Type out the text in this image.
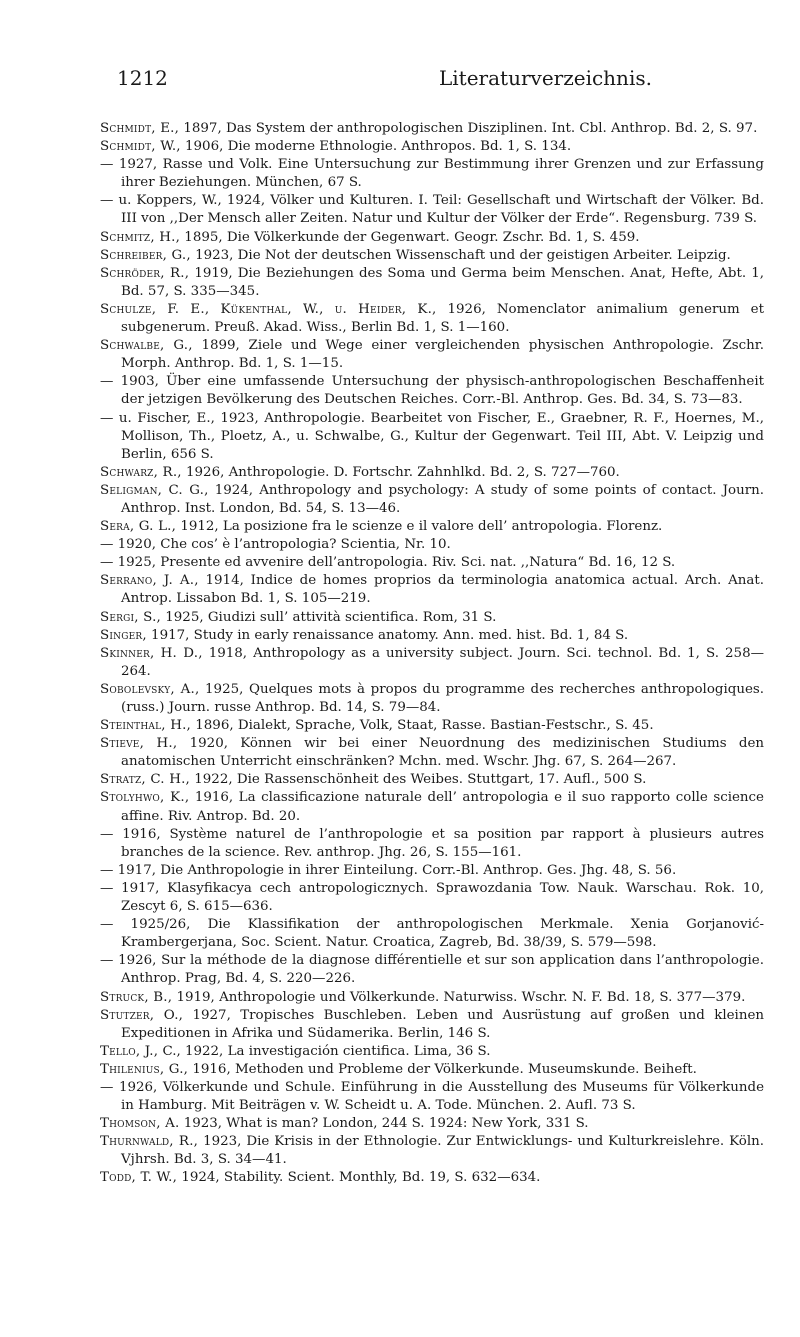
1212	Literaturverzeichnis.

Schmidt, E., 1897, Das System der anthropologischen Disziplinen. Int. Cbl. Anthrop. Bd. 2, S. 97.

Schmidt, W., 1906, Die moderne Ethnologie. Anthropos. Bd. 1, S. 134.

— 1927, Rasse und Volk. Eine Untersuchung zur Bestimmung ihrer Grenzen und zur Erfassung ihrer Beziehungen. München, 67 S.

— u. Koppers, W., 1924, Völker und Kulturen. I. Teil: Gesellschaft und Wirtschaft der Völker. Bd. III von ,,Der Mensch aller Zeiten. Natur und Kultur der Völker der Erde“. Regensburg. 739 S.

Schmitz, H., 1895, Die Völkerkunde der Gegenwart. Geogr. Zschr. Bd. 1, S. 459.

Schreiber, G., 1923, Die Not der deutschen Wissenschaft und der geistigen Arbeiter. Leipzig.

Schröder, R., 1919, Die Beziehungen des Soma und Germa beim Menschen. Anat, Hefte, Abt. 1, Bd. 57, S. 335—345.

Schulze, F. E., Kükenthal, W., u. Heider, K., 1926, Nomenclator animalium generum et subgenerum. Preuß. Akad. Wiss., Berlin Bd. 1, S. 1—160.

Schwalbe, G., 1899, Ziele und Wege einer vergleichenden physischen Anthropologie. Zschr. Morph. Anthrop. Bd. 1, S. 1—15.

— 1903, Über eine umfassende Untersuchung der physisch-anthropologischen Beschaffenheit der jetzigen Bevölkerung des Deutschen Reiches. Corr.-Bl. Anthrop. Ges. Bd. 34, S. 73—83.

— u. Fischer, E., 1923, Anthropologie. Bearbeitet von Fischer, E., Graebner, R. F., Hoernes, M., Mollison, Th., Ploetz, A., u. Schwalbe, G., Kultur der Gegenwart. Teil III, Abt. V. Leipzig und Berlin, 656 S.

Schwarz, R., 1926, Anthropologie. D. Fortschr. Zahnhlkd. Bd. 2, S. 727—760.

Seligman, C. G., 1924, Anthropology and psychology: A study of some points of contact. Journ. Anthrop. Inst. London, Bd. 54, S. 13—46.

Sera, G. L., 1912, La posizione fra le scienze e il valore dell’ antropologia. Florenz.

— 1920, Che cos’ è l’antropologia? Scientia, Nr. 10.

— 1925, Presente ed avvenire dell’antropologia. Riv. Sci. nat. ,,Natura“ Bd. 16, 12 S.

Serrano, J. A., 1914, Indice de homes proprios da terminologia anatomica actual. Arch. Anat. Antrop. Lissabon Bd. 1, S. 105—219.

Sergi, S., 1925, Giudizi sull’ attività scientifica. Rom, 31 S.

Singer, 1917, Study in early renaissance anatomy. Ann. med. hist. Bd. 1, 84 S.

Skinner, H. D., 1918, Anthropology as a university subject. Journ. Sci. technol. Bd. 1, S. 258—264.

Sobolevsky, A., 1925, Quelques mots à propos du programme des recherches anthropologiques. (russ.) Journ. russe Anthrop. Bd. 14, S. 79—84.

Steinthal, H., 1896, Dialekt, Sprache, Volk, Staat, Rasse. Bastian-Festschr., S. 45.

Stieve, H., 1920, Können wir bei einer Neuordnung des medizinischen Studiums den anatomischen Unterricht einschränken? Mchn. med. Wschr. Jhg. 67, S. 264—267.

Stratz, C. H., 1922, Die Rassenschönheit des Weibes. Stuttgart, 17. Aufl., 500 S.

Stolyhwo, K., 1916, La classificazione naturale dell’ antropologia e il suo rapporto colle science affine. Riv. Antrop. Bd. 20.

— 1916, Système naturel de l’anthropologie et sa position par rapport à plusieurs autres branches de la science. Rev. anthrop. Jhg. 26, S. 155—161.

— 1917, Die Anthropologie in ihrer Einteilung. Corr.-Bl. Anthrop. Ges. Jhg. 48, S. 56.

— 1917, Klasyfikacya cech antropologicznych. Sprawozdania Tow. Nauk. Warschau. Rok. 10, Zescyt 6, S. 615—636.

— 1925/26, Die Klassifikation der anthropologischen Merkmale. Xenia Gorjanović-Krambergerjana, Soc. Scient. Natur. Croatica, Zagreb, Bd. 38/39, S. 579—598.

— 1926, Sur la méthode de la diagnose différentielle et sur son application dans l’anthropologie. Anthrop. Prag, Bd. 4, S. 220—226.

Struck, B., 1919, Anthropologie und Völkerkunde. Naturwiss. Wschr. N. F. Bd. 18, S. 377—379.

Stutzer, O., 1927, Tropisches Buschleben. Leben und Ausrüstung auf großen und kleinen Expeditionen in Afrika und Südamerika. Berlin, 146 S.

Tello, J., C., 1922, La investigación cientifica. Lima, 36 S.

Thilenius, G., 1916, Methoden und Probleme der Völkerkunde. Museumskunde. Beiheft.

— 1926, Völkerkunde und Schule. Einführung in die Ausstellung des Museums für Völkerkunde in Hamburg. Mit Beiträgen v. W. Scheidt u. A. Tode. München. 2. Aufl. 73 S.

Thomson, A. 1923, What is man? London, 244 S. 1924: New York, 331 S.

Thurnwald, R., 1923, Die Krisis in der Ethnologie. Zur Entwicklungs- und Kulturkreislehre. Köln. Vjhrsh. Bd. 3, S. 34—41.

Todd, T. W., 1924, Stability. Scient. Monthly, Bd. 19, S. 632—634.
